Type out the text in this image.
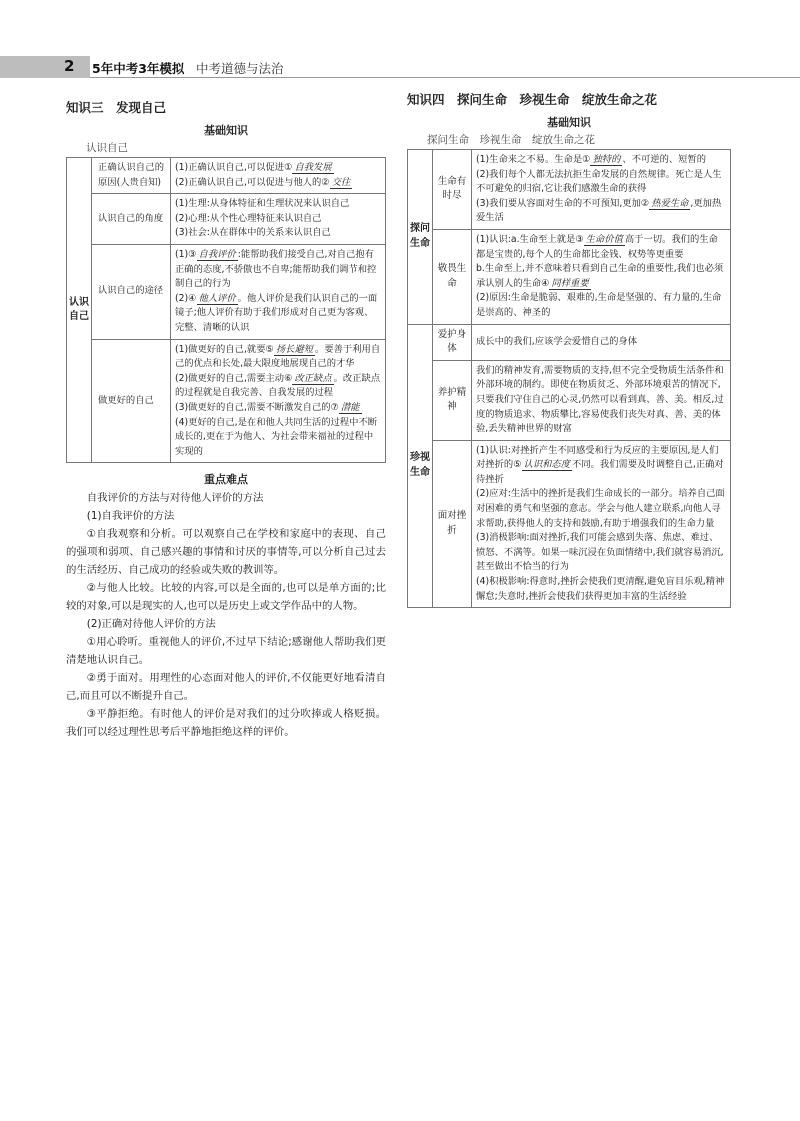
2 5年中考3年模拟 中考道德与法治
知识三　发现自己
基础知识
认识自己
认识自己	正确认识自己的原因(人贵自知)	(1)正确认识自己,可以促进① 自我发展
(2)正确认识自己,可以促进与他人的② 交往

	认识自己的角度	(1)生理:从身体特征和生理状况来认识自己
(2)心理:从个性心理特征来认识自己
(3)社会:从在群体中的关系来认识自己

	认识自己的途径	(1)③ 自我评价 :能帮助我们接受自己,对自己抱有正确的态度,不骄傲也不自卑;能帮助我们调节和控制自己的行为
(2)④ 他人评价 。他人评价是我们认识自己的一面镜子;他人评价有助于我们形成对自己更为客观、完整、清晰的认识

	做更好的自己	(1)做更好的自己,就要⑤ 扬长避短 。要善于利用自己的优点和长处,最大限度地展现自己的才华
(2)做更好的自己,需要主动⑥ 改正缺点 。改正缺点的过程就是自我完善、自我发展的过程
(3)做更好的自己,需要不断激发自己的⑦ 潜能
(4)更好的自己,是在和他人共同生活的过程中不断成长的,更在于为他人、为社会带来福祉的过程中实现的
重点难点

自我评价的方法与对待他人评价的方法

(1)自我评价的方法

①自我观察和分析。可以观察自己在学校和家庭中的表现、自己的强项和弱项、自己感兴趣的事情和讨厌的事情等,可以分析自己过去的生活经历、自己成功的经验或失败的教训等。

②与他人比较。比较的内容,可以是全面的,也可以是单方面的;比较的对象,可以是现实的人,也可以是历史上或文学作品中的人物。

(2)正确对待他人评价的方法

①用心聆听。重视他人的评价,不过早下结论;感谢他人帮助我们更清楚地认识自己。

②勇于面对。用理性的心态面对他人的评价,不仅能更好地看清自己,而且可以不断提升自己。

③平静拒绝。有时他人的评价是对我们的过分吹捧或人格贬损。我们可以经过理性思考后平静地拒绝这样的评价。

知识四　探问生命　珍视生命　绽放生命之花
基础知识
探问生命　珍视生命　绽放生命之花
探问生命	生命有时尽	(1)生命来之不易。生命是① 独特的 、不可逆的、短暂的
(2)我们每个人都无法抗拒生命发展的自然规律。死亡是人生不可避免的归宿,它让我们感激生命的获得
(3)我们要从容面对生命的不可预知,更加② 热爱生命 ,更加热爱生活

	敬畏生命	(1)认识:a.生命至上就是③ 生命价值 高于一切。我们的生命都是宝贵的,每个人的生命都比金钱、权势等更重要
b.生命至上,并不意味着只看到自己生命的重要性,我们也必须承认别人的生命④ 同样重要
(2)原因:生命是脆弱、艰难的,生命是坚强的、有力量的,生命是崇高的、神圣的

珍视生命	爱护身体	成长中的我们,应该学会爱惜自己的身体

	养护精神	我们的精神发育,需要物质的支持,但不完全受物质生活条件和外部环境的制约。即使在物质贫乏、外部环境艰苦的情况下,只要我们守住自己的心灵,仍然可以看到真、善、美。相反,过度的物质追求、物质攀比,容易使我们丧失对真、善、美的体验,丢失精神世界的财富

	面对挫折	(1)认识:对挫折产生不同感受和行为反应的主要原因,是人们对挫折的⑤ 认识和态度 不同。我们需要及时调整自己,正确对待挫折
(2)应对:生活中的挫折是我们生命成长的一部分。培养自己面对困难的勇气和坚强的意志。学会与他人建立联系,向他人寻求帮助,获得他人的支持和鼓励,有助于增强我们的生命力量
(3)消极影响:面对挫折,我们可能会感到失落、焦虑、难过、愤怒、不满等。如果一味沉浸在负面情绪中,我们就容易消沉,甚至做出不恰当的行为
(4)积极影响:得意时,挫折会使我们更清醒,避免盲目乐观,精神懈怠;失意时,挫折会使我们获得更加丰富的生活经验
